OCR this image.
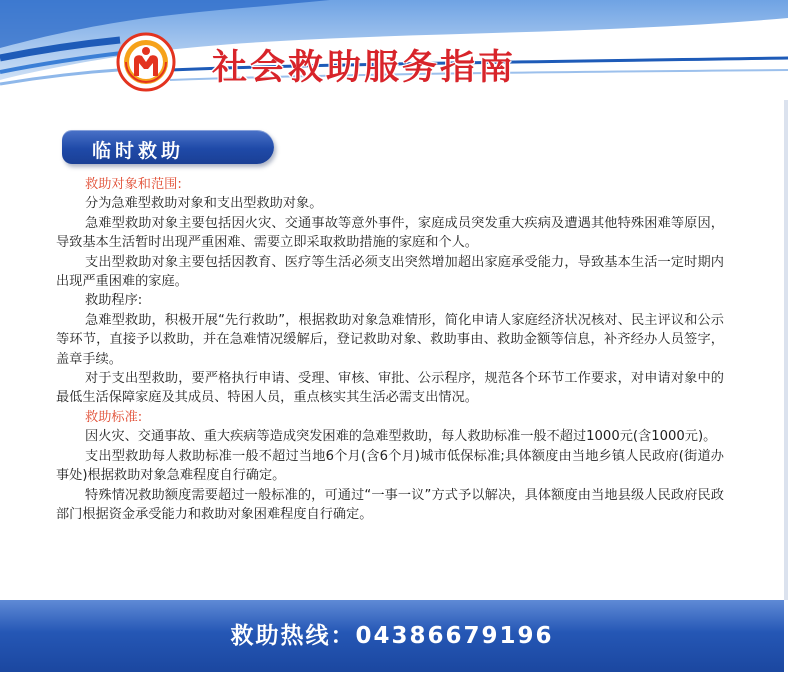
社会救助服务指南
临时救助

救助对象和范围:

分为急难型救助对象和支出型救助对象。

急难型救助对象主要包括因火灾、交通事故等意外事件，家庭成员突发重大疾病及遭遇其他特殊困难等原因，导致基本生活暂时出现严重困难、需要立即采取救助措施的家庭和个人。

支出型救助对象主要包括因教育、医疗等生活必须支出突然增加超出家庭承受能力，导致基本生活一定时期内出现严重困难的家庭。

救助程序:

急难型救助，积极开展“先行救助”，根据救助对象急难情形，简化申请人家庭经济状况核对、民主评议和公示等环节，直接予以救助，并在急难情况缓解后，登记救助对象、救助事由、救助金额等信息，补齐经办人员签字，盖章手续。

对于支出型救助，要严格执行申请、受理、审核、审批、公示程序，规范各个环节工作要求，对申请对象中的最低生活保障家庭及其成员、特困人员，重点核实其生活必需支出情况。

救助标准:

因火灾、交通事故、重大疾病等造成突发困难的急难型救助，每人救助标准一般不超过1000元(含1000元)。

支出型救助每人救助标准一般不超过当地6个月(含6个月)城市低保标准;具体额度由当地乡镇人民政府(街道办事处)根据救助对象急难程度自行确定。

特殊情况救助额度需要超过一般标准的，可通过“一事一议”方式予以解决，具体额度由当地县级人民政府民政部门根据资金承受能力和救助对象困难程度自行确定。

救助热线：04386679196
